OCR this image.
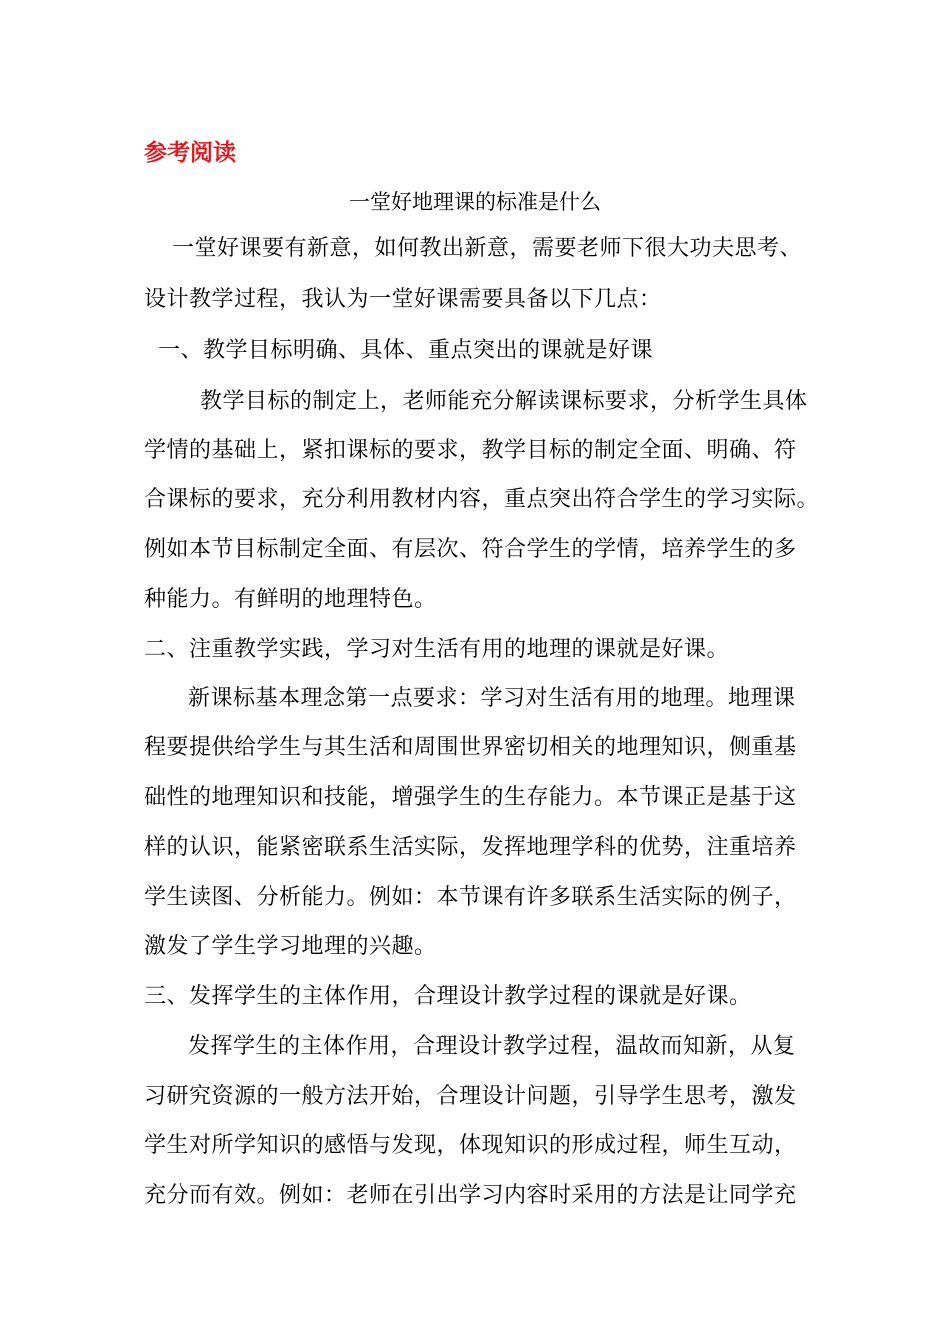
参考阅读
一堂好地理课的标准是什么
一堂好课要有新意，如何教出新意，需要老师下很大功夫思考、
设计教学过程，我认为一堂好课需要具备以下几点：
一、教学目标明确、具体、重点突出的课就是好课
教学目标的制定上，老师能充分解读课标要求，分析学生具体
学情的基础上，紧扣课标的要求，教学目标的制定全面、明确、符
合课标的要求，充分利用教材内容，重点突出符合学生的学习实际。
例如本节目标制定全面、有层次、符合学生的学情，培养学生的多
种能力。有鲜明的地理特色。
二、注重教学实践，学习对生活有用的地理的课就是好课。
新课标基本理念第一点要求：学习对生活有用的地理。地理课
程要提供给学生与其生活和周围世界密切相关的地理知识，侧重基
础性的地理知识和技能，增强学生的生存能力。本节课正是基于这
样的认识，能紧密联系生活实际，发挥地理学科的优势，注重培养
学生读图、分析能力。例如：本节课有许多联系生活实际的例子，
激发了学生学习地理的兴趣。
三、发挥学生的主体作用，合理设计教学过程的课就是好课。
发挥学生的主体作用，合理设计教学过程，温故而知新，从复
习研究资源的一般方法开始，合理设计问题，引导学生思考，激发
学生对所学知识的感悟与发现，体现知识的形成过程，师生互动，
充分而有效。例如：老师在引出学习内容时采用的方法是让同学充
